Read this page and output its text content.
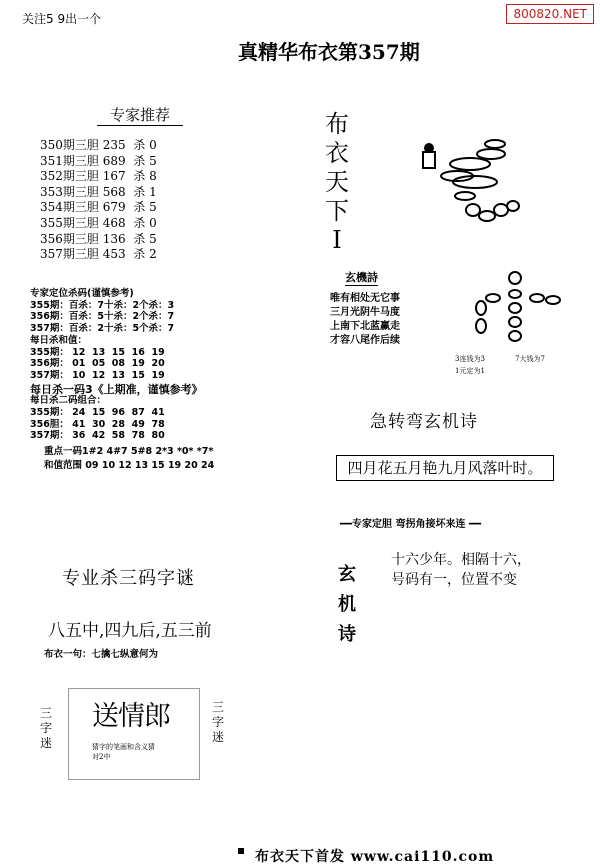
关注5 9出一个	800820.NET
真精华布衣第357期
专家推荐
350期三胆 235  杀 0
351期三胆 689  杀 5
352期三胆 167  杀 8
353期三胆 568  杀 1
354期三胆 679  杀 5
355期三胆 468  杀 0
356期三胆 136  杀 5
357期三胆 453  杀 2
专家定位杀码(谨慎参考)
355期：百杀：7十杀：2个杀：3
356期：百杀：5十杀：2个杀：7
357期：百杀：2十杀：5个杀：7
每日杀和值：
355期： 12  13  15  16  19
356期： 01  05  08  19  20
357期： 10  12  13  15  19
每日杀一码3《上期准，谨慎参考》
每日杀二码组合：
355期： 24  15  96  87  41
356胆： 41  30  28  49  78
357期： 36  42  58  78  80
重点一码1#2 4#7 5#8 2*3 *0* *7*
和值范围 09 10 12 13 15 19 20 24
布衣天下I
玄機詩
唯有相处无它事
三月光阴牛马度
上南下北蓝赢走
才容八尾作后续
3连钱为3	7大钱为7
1元定为1
急转弯玄机诗
四月花五月艳九月风落叶时。
━━专家定胆 弯拐角接坏来连 ━━
玄机诗
十六少年。相隔十六，
号码有一，位置不变
专业杀三码字谜
八五中,四九后,五三前
布衣一句：七擒七纵意何为
三字迷
送情郎
猜字的笔画和含义猜
对2中
三字迷
布衣天下首发 www.cai110.com
